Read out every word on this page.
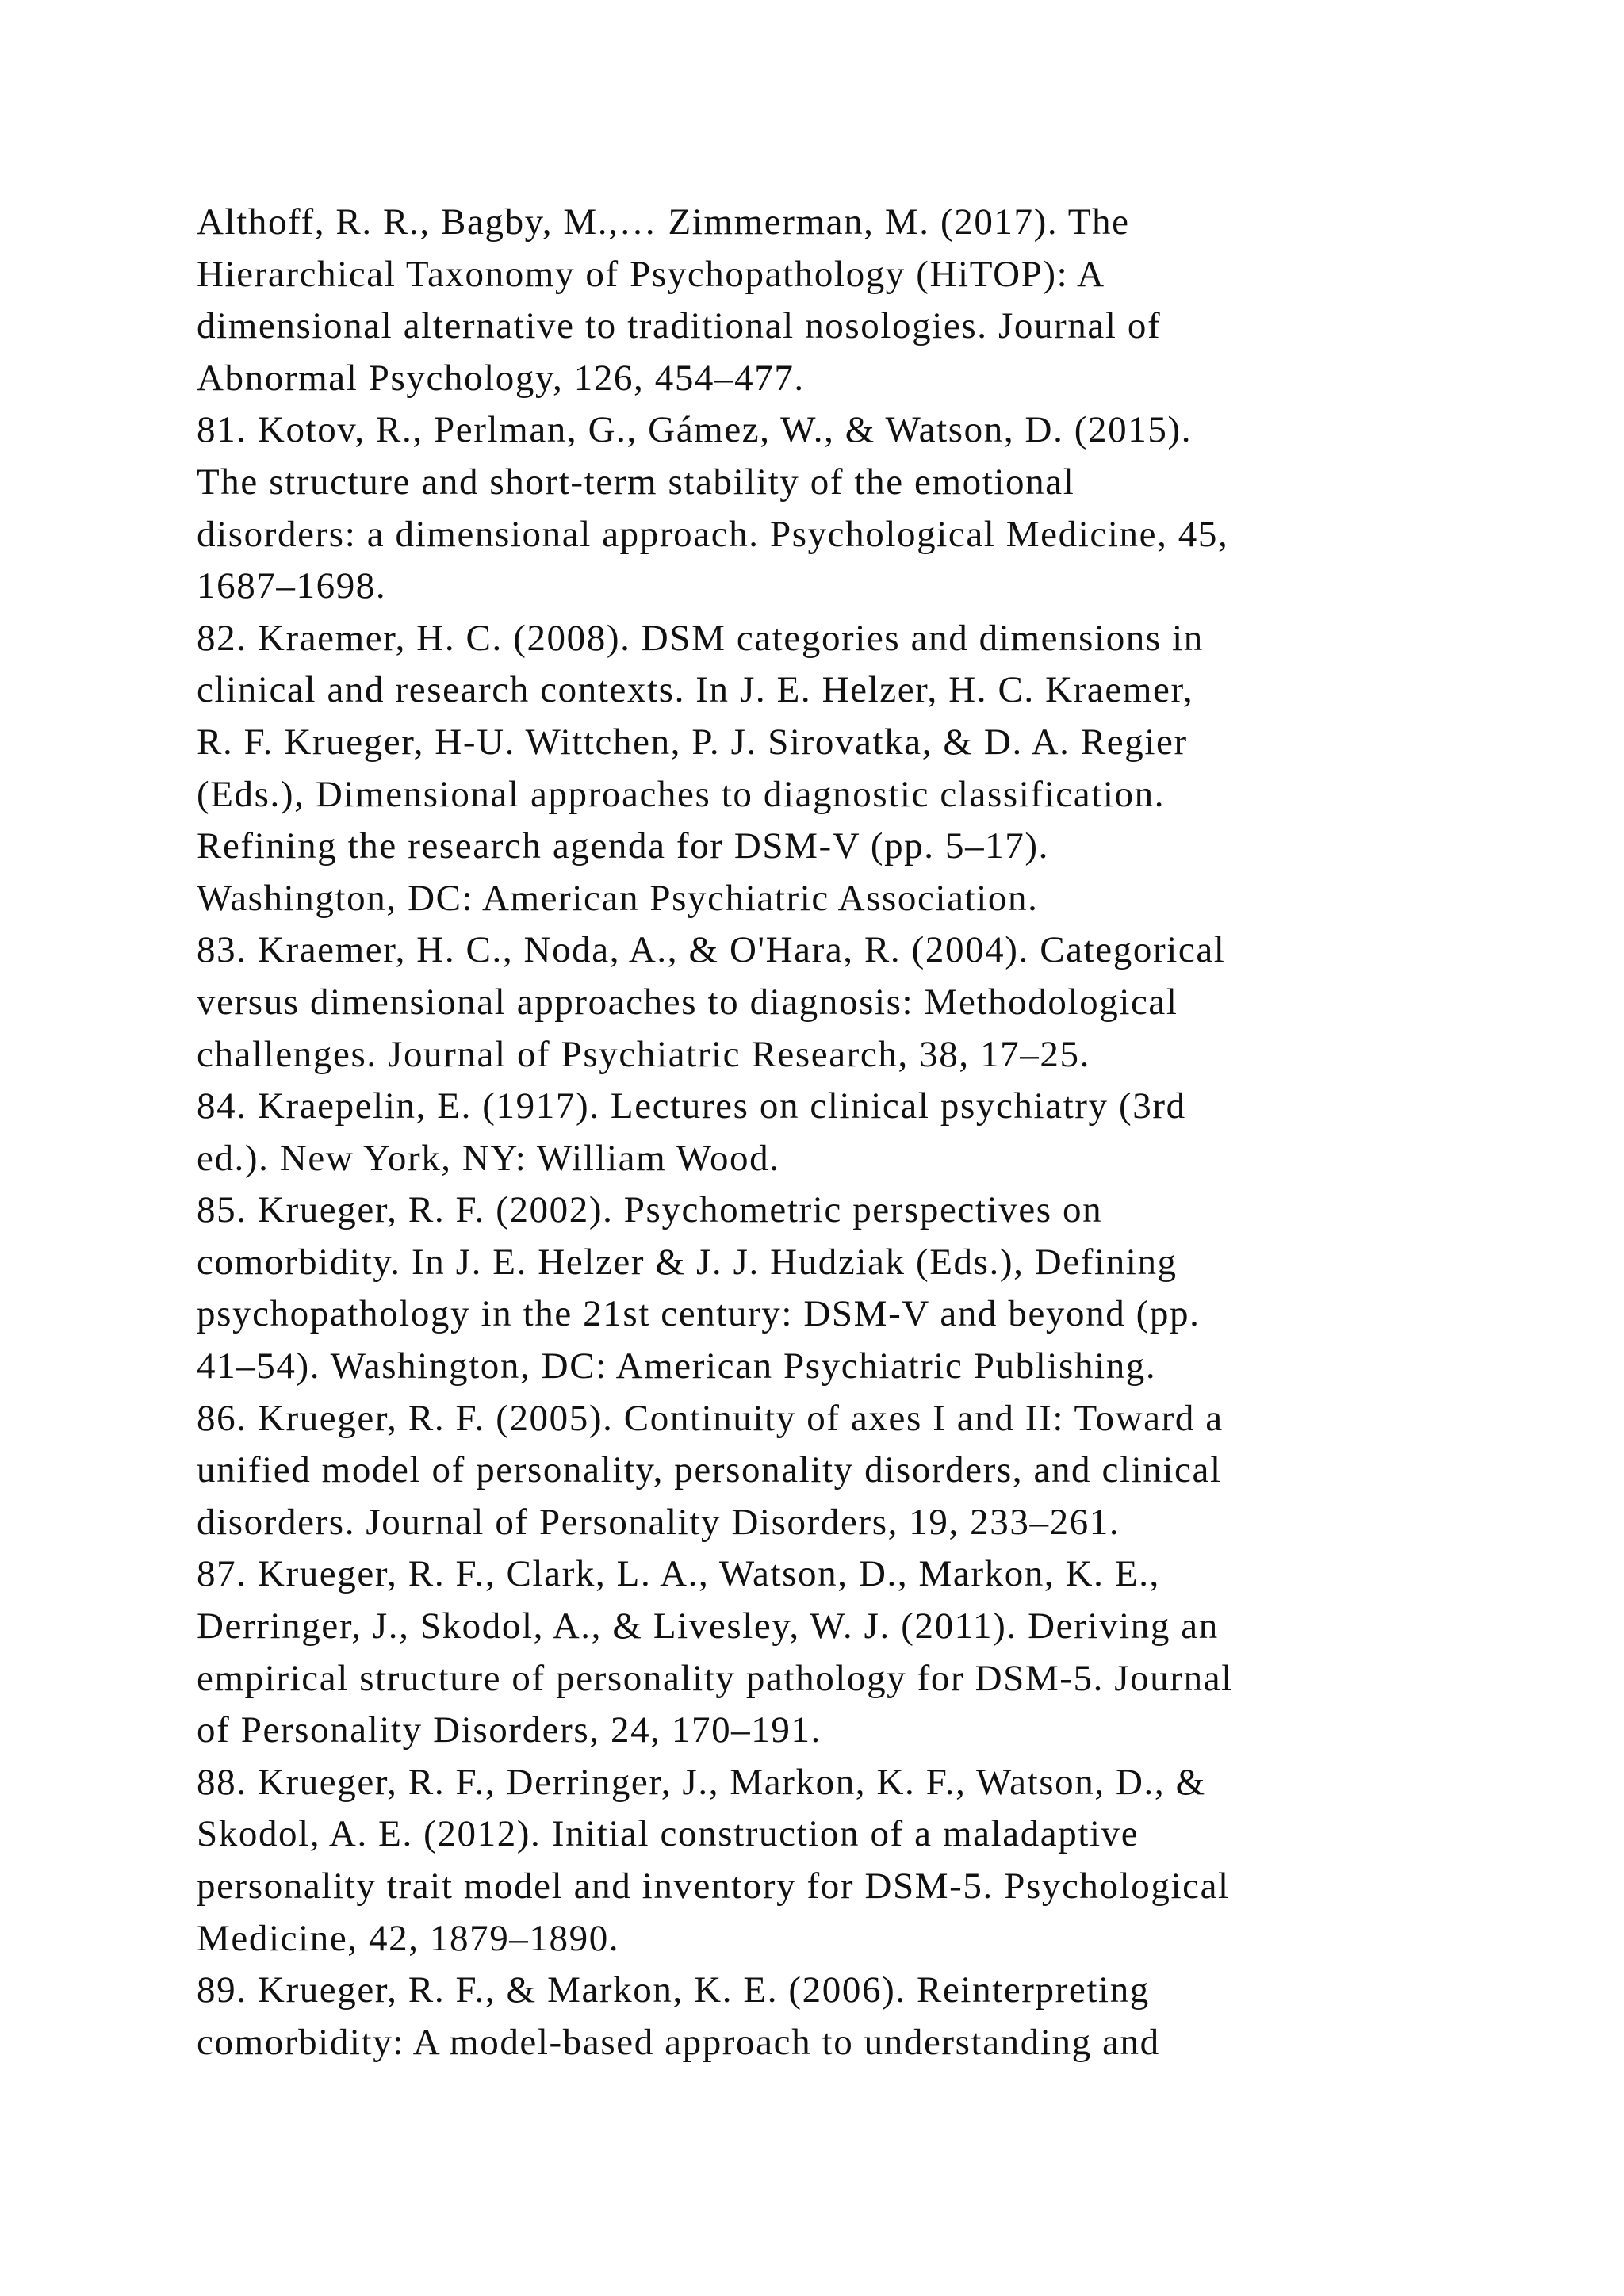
Althoff, R. R., Bagby, M.,… Zimmerman, M. (2017). The
Hierarchical Taxonomy of Psychopathology (HiTOP): A
dimensional alternative to traditional nosologies. Journal of
Abnormal Psychology, 126, 454–477.
81. Kotov, R., Perlman, G., Gámez, W., & Watson, D. (2015).
The structure and short-term stability of the emotional
disorders: a dimensional approach. Psychological Medicine, 45,
1687–1698.
82. Kraemer, H. C. (2008). DSM categories and dimensions in
clinical and research contexts. In J. E. Helzer, H. C. Kraemer,
R. F. Krueger, H-U. Wittchen, P. J. Sirovatka, & D. A. Regier
(Eds.), Dimensional approaches to diagnostic classification.
Refining the research agenda for DSM-V (pp. 5–17).
Washington, DC: American Psychiatric Association.
83. Kraemer, H. C., Noda, A., & O'Hara, R. (2004). Categorical
versus dimensional approaches to diagnosis: Methodological
challenges. Journal of Psychiatric Research, 38, 17–25.
84. Kraepelin, E. (1917). Lectures on clinical psychiatry (3rd
ed.). New York, NY: William Wood.
85. Krueger, R. F. (2002). Psychometric perspectives on
comorbidity. In J. E. Helzer & J. J. Hudziak (Eds.), Defining
psychopathology in the 21st century: DSM-V and beyond (pp.
41–54). Washington, DC: American Psychiatric Publishing.
86. Krueger, R. F. (2005). Continuity of axes I and II: Toward a
unified model of personality, personality disorders, and clinical
disorders. Journal of Personality Disorders, 19, 233–261.
87. Krueger, R. F., Clark, L. A., Watson, D., Markon, K. E.,
Derringer, J., Skodol, A., & Livesley, W. J. (2011). Deriving an
empirical structure of personality pathology for DSM-5. Journal
of Personality Disorders, 24, 170–191.
88. Krueger, R. F., Derringer, J., Markon, K. F., Watson, D., &
Skodol, A. E. (2012). Initial construction of a maladaptive
personality trait model and inventory for DSM-5. Psychological
Medicine, 42, 1879–1890.
89. Krueger, R. F., & Markon, K. E. (2006). Reinterpreting
comorbidity: A model-based approach to understanding and
